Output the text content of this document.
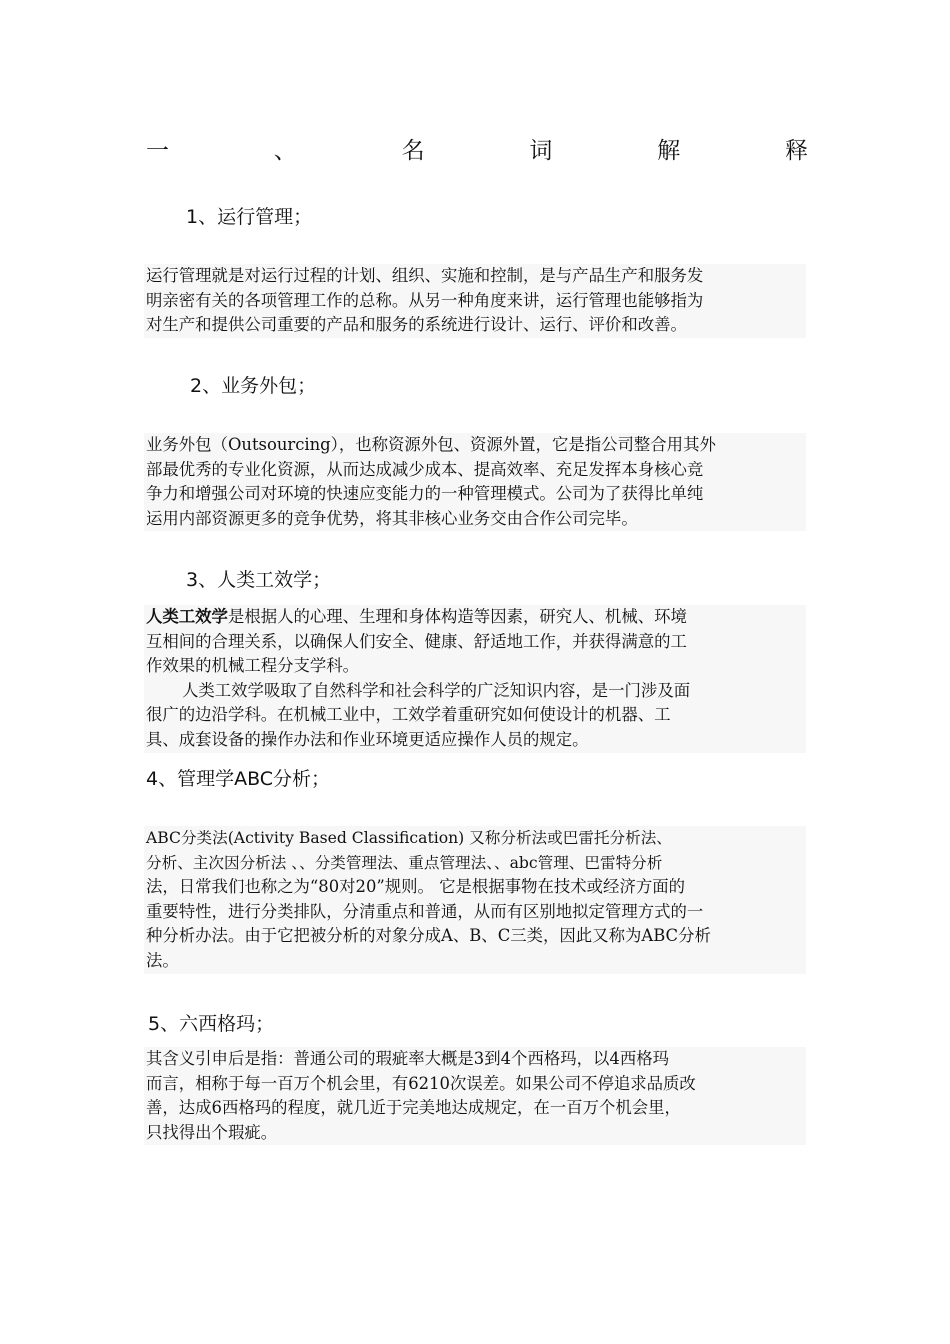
一	、	名	词	解	释
1、运行管理；

运行管理就是对运行过程的计划、组织、实施和控制，是与产品生产和服务发

明亲密有关的各项管理工作的总称。从另一种角度来讲，运行管理也能够指为

对生产和提供公司重要的产品和服务的系统进行设计、运行、评价和改善。

2、业务外包；

业务外包（Outsourcing），也称资源外包、资源外置，它是指公司整合用其外

部最优秀的专业化资源，从而达成减少成本、提高效率、充足发挥本身核心竞

争力和增强公司对环境的快速应变能力的一种管理模式。公司为了获得比单纯

运用内部资源更多的竞争优势，将其非核心业务交由合作公司完毕。

3、人类工效学；

人类工效学是根据人的心理、生理和身体构造等因素，研究人、机械、环境

互相间的合理关系，以确保人们安全、健康、舒适地工作，并获得满意的工

作效果的机械工程分支学科。

人类工效学吸取了自然科学和社会科学的广泛知识内容，是一门涉及面

很广的边沿学科。在机械工业中，工效学着重研究如何使设计的机器、工

具、成套设备的操作办法和作业环境更适应操作人员的规定。

4、管理学ABC分析；

ABC分类法(Activity Based Classification) 又称分析法或巴雷托分析法、

分析、主次因分析法 、、分类管理法、重点管理法、、abc管理、巴雷特分析

法，日常我们也称之为“80对20”规则。 它是根据事物在技术或经济方面的

重要特性，进行分类排队，分清重点和普通，从而有区别地拟定管理方式的一

种分析办法。由于它把被分析的对象分成A、B、C三类，因此又称为ABC分析

法。

5、六西格玛；

其含义引申后是指：普通公司的瑕疵率大概是3到4个西格玛，以4西格玛

而言，相称于每一百万个机会里，有6210次误差。如果公司不停追求品质改

善，达成6西格玛的程度，就几近于完美地达成规定，在一百万个机会里，

只找得出个瑕疵。
